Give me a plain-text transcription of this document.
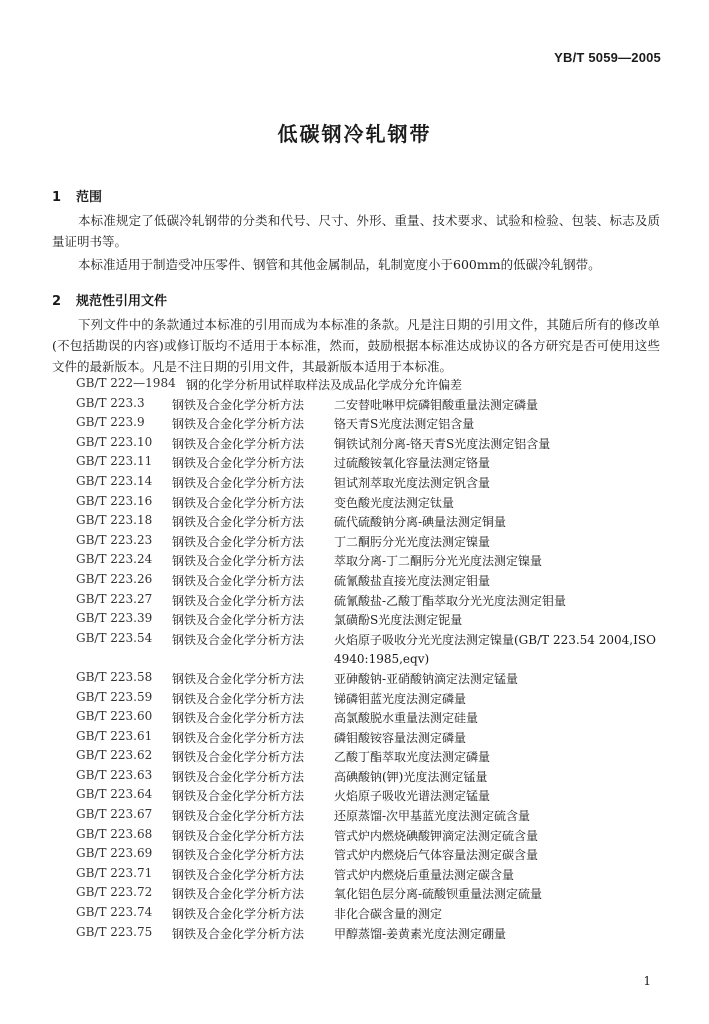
YB/T 5059—2005
低碳钢冷轧钢带
1 范围
本标准规定了低碳冷轧钢带的分类和代号、尺寸、外形、重量、技术要求、试验和检验、包装、标志及质量证明书等。
本标准适用于制造受冲压零件、钢管和其他金属制品，轧制宽度小于600mm的低碳冷轧钢带。
2 规范性引用文件
下列文件中的条款通过本标准的引用而成为本标准的条款。凡是注日期的引用文件，其随后所有的修改单(不包括勘误的内容)或修订版均不适用于本标准，然而，鼓励根据本标准达成协议的各方研究是否可使用这些文件的最新版本。凡是不注日期的引用文件，其最新版本适用于本标准。
GB/T 222—1984 钢的化学分析用试样取样法及成品化学成分允许偏差
GB/T 223.3	钢铁及合金化学分析方法	二安替吡啉甲烷磷钼酸重量法测定磷量
GB/T 223.9	钢铁及合金化学分析方法	铬天青S光度法测定铝含量
GB/T 223.10	钢铁及合金化学分析方法	铜铁试剂分离-铬天青S光度法测定铝含量
GB/T 223.11	钢铁及合金化学分析方法	过硫酸铵氧化容量法测定铬量
GB/T 223.14	钢铁及合金化学分析方法	钽试剂萃取光度法测定钒含量
GB/T 223.16	钢铁及合金化学分析方法	变色酸光度法测定钛量
GB/T 223.18	钢铁及合金化学分析方法	硫代硫酸钠分离-碘量法测定铜量
GB/T 223.23	钢铁及合金化学分析方法	丁二酮肟分光光度法测定镍量
GB/T 223.24	钢铁及合金化学分析方法	萃取分离-丁二酮肟分光光度法测定镍量
GB/T 223.26	钢铁及合金化学分析方法	硫氰酸盐直接光度法测定钼量
GB/T 223.27	钢铁及合金化学分析方法	硫氰酸盐-乙酸丁酯萃取分光光度法测定钼量
GB/T 223.39	钢铁及合金化学分析方法	氯磺酚S光度法测定铌量
GB/T 223.54	钢铁及合金化学分析方法	火焰原子吸收分光光度法测定镍量(GB/T 223.54 2004,ISO 4940:1985,eqv)
GB/T 223.58	钢铁及合金化学分析方法	亚砷酸钠-亚硝酸钠滴定法测定锰量
GB/T 223.59	钢铁及合金化学分析方法	锑磷钼蓝光度法测定磷量
GB/T 223.60	钢铁及合金化学分析方法	高氯酸脱水重量法测定硅量
GB/T 223.61	钢铁及合金化学分析方法	磷钼酸铵容量法测定磷量
GB/T 223.62	钢铁及合金化学分析方法	乙酸丁酯萃取光度法测定磷量
GB/T 223.63	钢铁及合金化学分析方法	高碘酸钠(钾)光度法测定锰量
GB/T 223.64	钢铁及合金化学分析方法	火焰原子吸收光谱法测定锰量
GB/T 223.67	钢铁及合金化学分析方法	还原蒸馏-次甲基蓝光度法测定硫含量
GB/T 223.68	钢铁及合金化学分析方法	管式炉内燃烧碘酸钾滴定法测定硫含量
GB/T 223.69	钢铁及合金化学分析方法	管式炉内燃烧后气体容量法测定碳含量
GB/T 223.71	钢铁及合金化学分析方法	管式炉内燃烧后重量法测定碳含量
GB/T 223.72	钢铁及合金化学分析方法	氧化铝色层分离-硫酸钡重量法测定硫量
GB/T 223.74	钢铁及合金化学分析方法	非化合碳含量的测定
GB/T 223.75	钢铁及合金化学分析方法	甲醇蒸馏-姜黄素光度法测定硼量
1
